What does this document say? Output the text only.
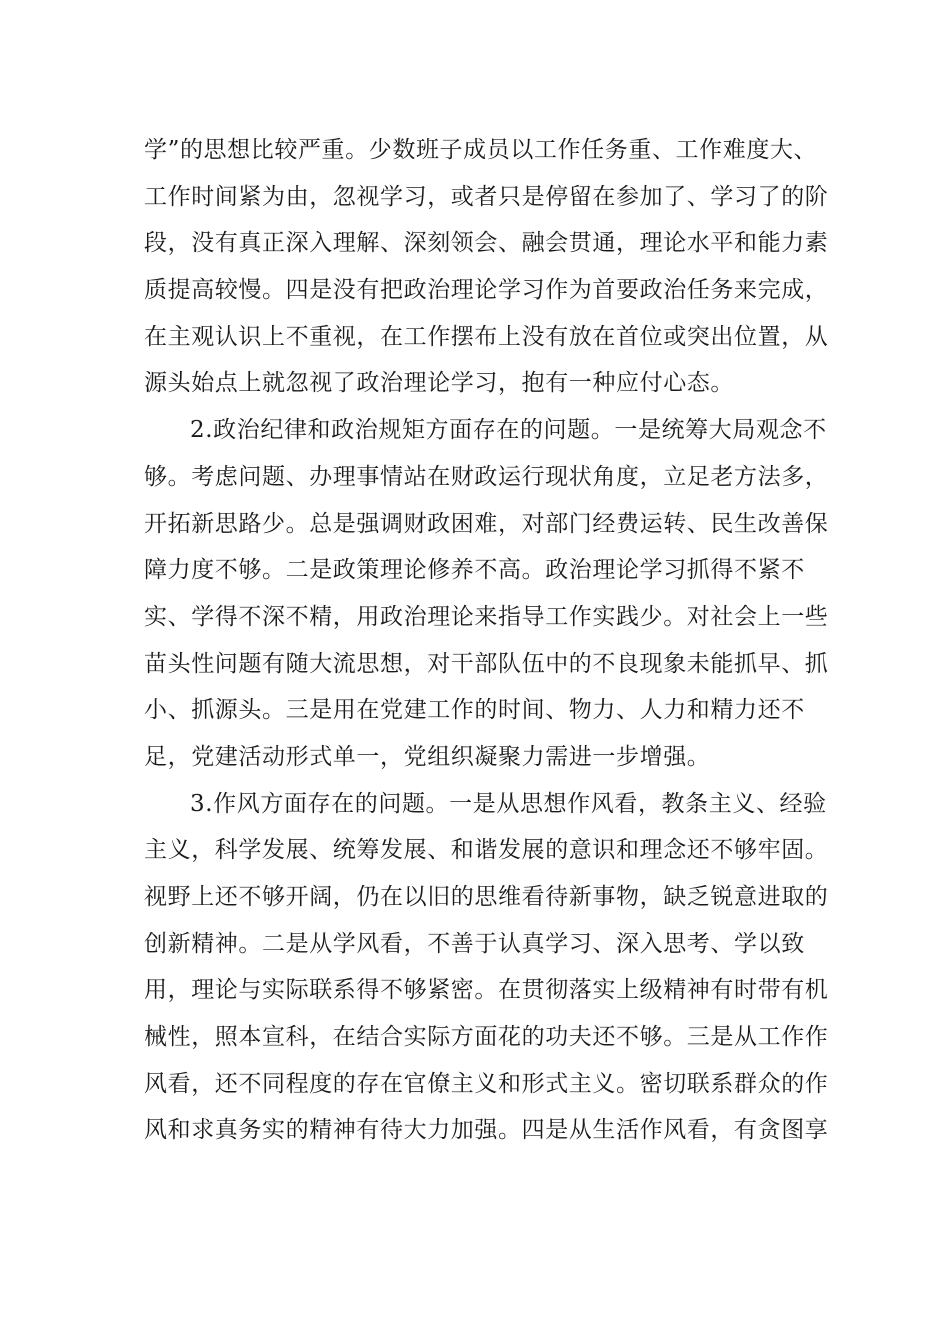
学”的思想比较严重。少数班子成员以工作任务重、工作难度大、
工作时间紧为由，忽视学习，或者只是停留在参加了、学习了的阶
段，没有真正深入理解、深刻领会、融会贯通，理论水平和能力素
质提高较慢。四是没有把政治理论学习作为首要政治任务来完成，
在主观认识上不重视，在工作摆布上没有放在首位或突出位置，从
源头始点上就忽视了政治理论学习，抱有一种应付心态。
2.政治纪律和政治规矩方面存在的问题。一是统筹大局观念不
够。考虑问题、办理事情站在财政运行现状角度，立足老方法多，
开拓新思路少。总是强调财政困难，对部门经费运转、民生改善保
障力度不够。二是政策理论修养不高。政治理论学习抓得不紧不
实、学得不深不精，用政治理论来指导工作实践少。对社会上一些
苗头性问题有随大流思想，对干部队伍中的不良现象未能抓早、抓
小、抓源头。三是用在党建工作的时间、物力、人力和精力还不
足，党建活动形式单一，党组织凝聚力需进一步增强。
3.作风方面存在的问题。一是从思想作风看，教条主义、经验
主义，科学发展、统筹发展、和谐发展的意识和理念还不够牢固。
视野上还不够开阔，仍在以旧的思维看待新事物，缺乏锐意进取的
创新精神。二是从学风看，不善于认真学习、深入思考、学以致
用，理论与实际联系得不够紧密。在贯彻落实上级精神有时带有机
械性，照本宣科，在结合实际方面花的功夫还不够。三是从工作作
风看，还不同程度的存在官僚主义和形式主义。密切联系群众的作
风和求真务实的精神有待大力加强。四是从生活作风看，有贪图享
